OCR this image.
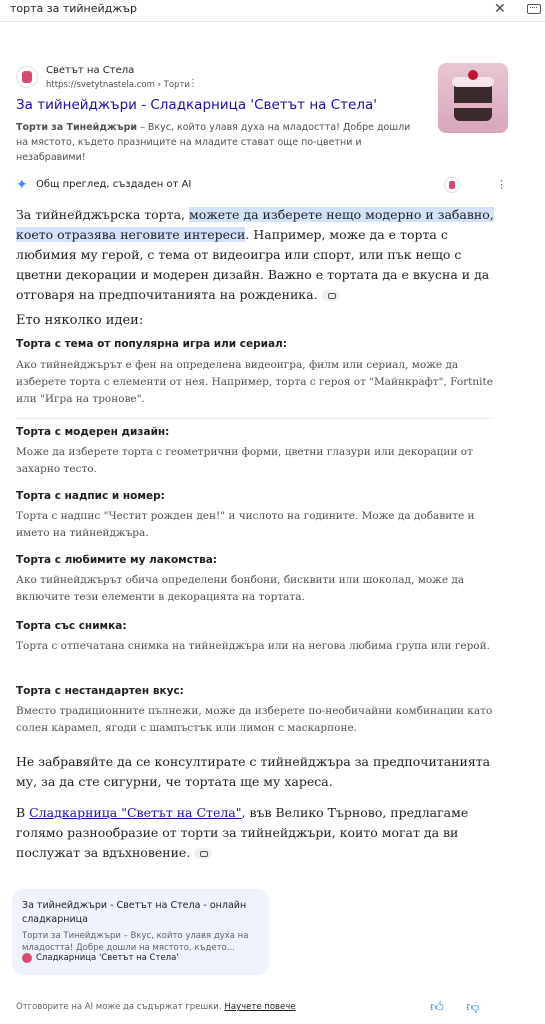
торта за тийнейджър	✕
Светът на Стела
https://svetytnastela.com › Торти
⋮
За тийнейджъри - Сладкарница 'Светът на Стела'
Торти за Тинейджъри – Вкус, който улавя духа на младостта! Добре дошли на мястото, където празниците на младите стават още по-цветни и незабравими!
✦ Общ преглед, създаден от AI	⋮

За тийнейджърска торта, можете да изберете нещо модерно и забавно, което отразява неговите интереси. Например, може да е торта с любимия му герой, с тема от видеоигра или спорт, или пък нещо с цветни декорации и модерен дизайн. Важно е тортата да е вкусна и да отговаря на предпочитанията на рожденика.

Ето няколко идеи:
Торта с тема от популярна игра или сериал:
Ако тийнейджърът е фен на определена видеоигра, филм или сериал, може да изберете торта с елементи от нея. Например, торта с героя от "Майнкрафт", Fortnite или "Игра на тронове".
Торта с модерен дизайн:
Може да изберете торта с геометрични форми, цветни глазури или декорации от захарно тесто.
Торта с надпис и номер:
Торта с надпис "Честит рожден ден!" и числото на годините. Може да добавите и името на тийнейджъра.
Торта с любимите му лакомства:
Ако тийнейджърът обича определени бонбони, бисквити или шоколад, може да включите тези елементи в декорацията на тортата.
Торта със снимка:
Торта с отпечатана снимка на тийнейджъра или на негова любима група или герой.
Торта с нестандартен вкус:
Вместо традиционните пълнежи, може да изберете по-необичайни комбинации като солен карамел, ягоди с шампъстък или лимон с маскарпоне.
Не забравяйте да се консултирате с тийнейджъра за предпочитанията му, за да сте сигурни, че тортата ще му хареса.
В Сладкарница "Светът на Стела", във Велико Търново, предлагаме голямо разнообразие от торти за тийнейджъри, които могат да ви послужат за вдъхновение.
За тийнейджъри - Светът на Стела - онлайн сладкарница
Торти за Тинейджъри – Вкус, който улавя духа на младостта! Добре дошли на мястото, където...
Сладкарница 'Светът на Стела'
Отговорите на AI може да съдържат грешки. Научете повече	👍︎ 👎︎
